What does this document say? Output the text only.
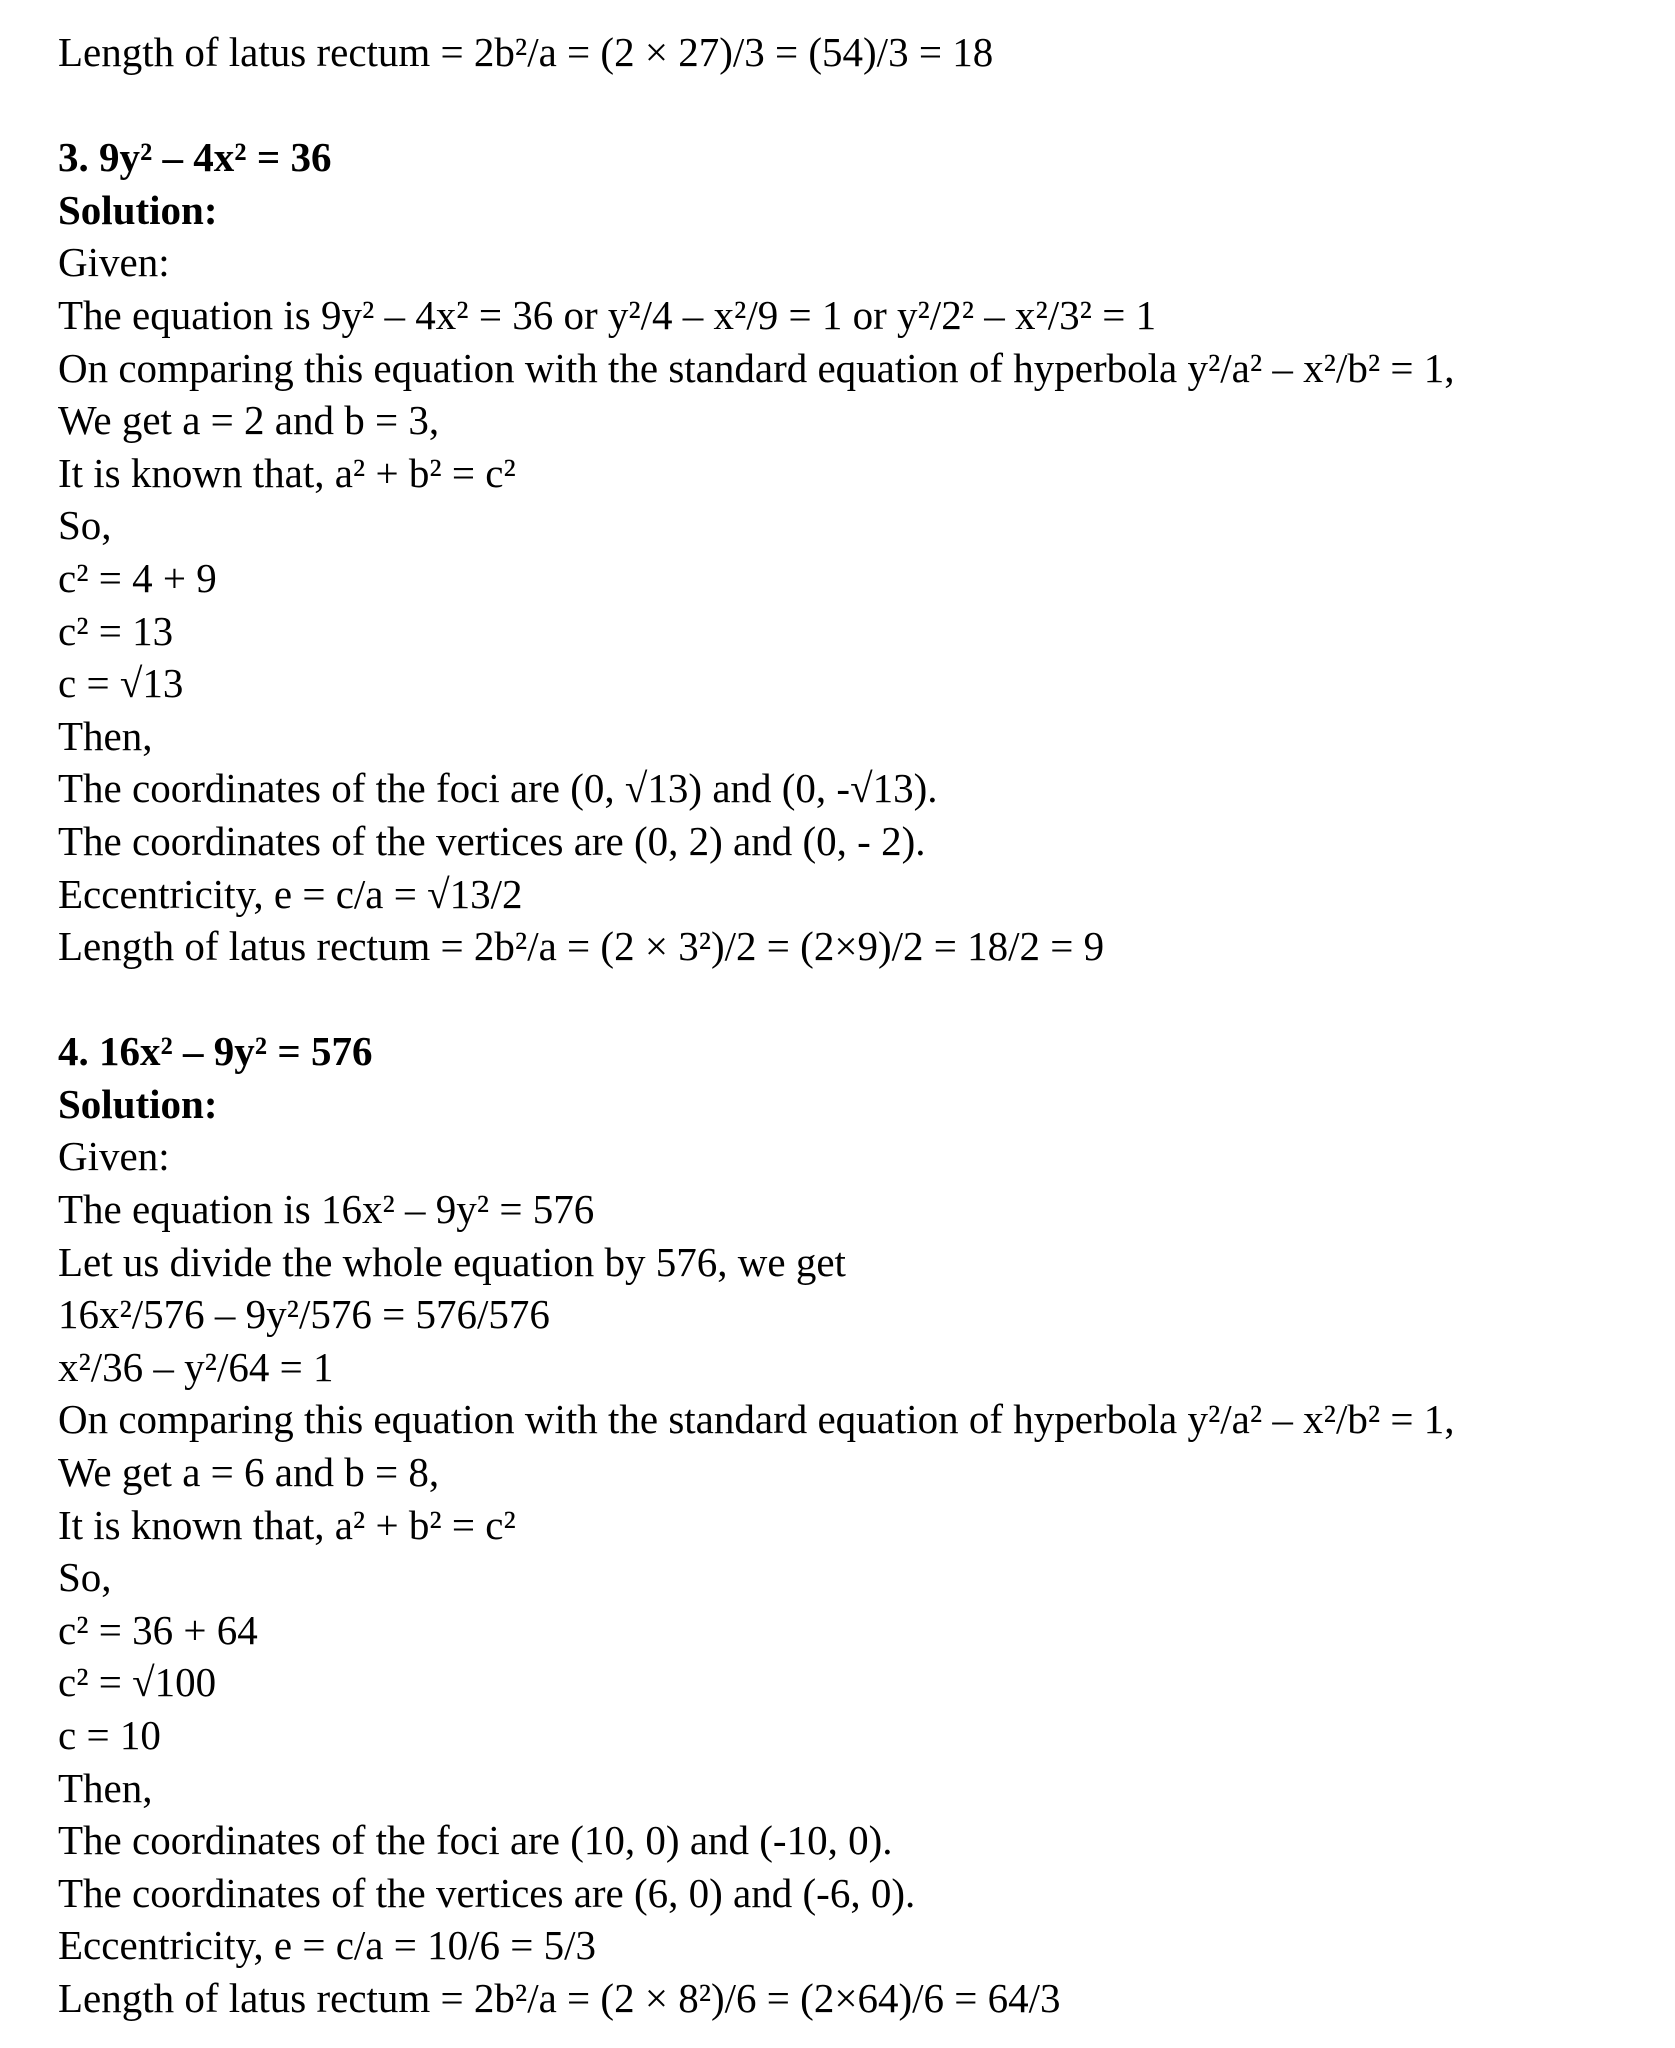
Length of latus rectum = 2b²/a = (2 × 27)/3 = (54)/3 = 18
3. 9y² – 4x² = 36
Solution:
Given:
The equation is 9y² – 4x² = 36 or y²/4 – x²/9 = 1 or y²/2² – x²/3² = 1
On comparing this equation with the standard equation of hyperbola y²/a² – x²/b² = 1,
We get a = 2 and b = 3,
It is known that, a² + b² = c²
So,
c² = 4 + 9
c² = 13
c = √13
Then,
The coordinates of the foci are (0, √13) and (0, -√13).
The coordinates of the vertices are (0, 2) and (0, - 2).
Eccentricity, e = c/a = √13/2
Length of latus rectum = 2b²/a = (2 × 3²)/2 = (2×9)/2 = 18/2 = 9
4. 16x² – 9y² = 576
Solution:
Given:
The equation is 16x² – 9y² = 576
Let us divide the whole equation by 576, we get
16x²/576 – 9y²/576 = 576/576
x²/36 – y²/64 = 1
On comparing this equation with the standard equation of hyperbola y²/a² – x²/b² = 1,
We get a = 6 and b = 8,
It is known that, a² + b² = c²
So,
c² = 36 + 64
c² = √100
c = 10
Then,
The coordinates of the foci are (10, 0) and (-10, 0).
The coordinates of the vertices are (6, 0) and (-6, 0).
Eccentricity, e = c/a = 10/6 = 5/3
Length of latus rectum = 2b²/a = (2 × 8²)/6 = (2×64)/6 = 64/3
